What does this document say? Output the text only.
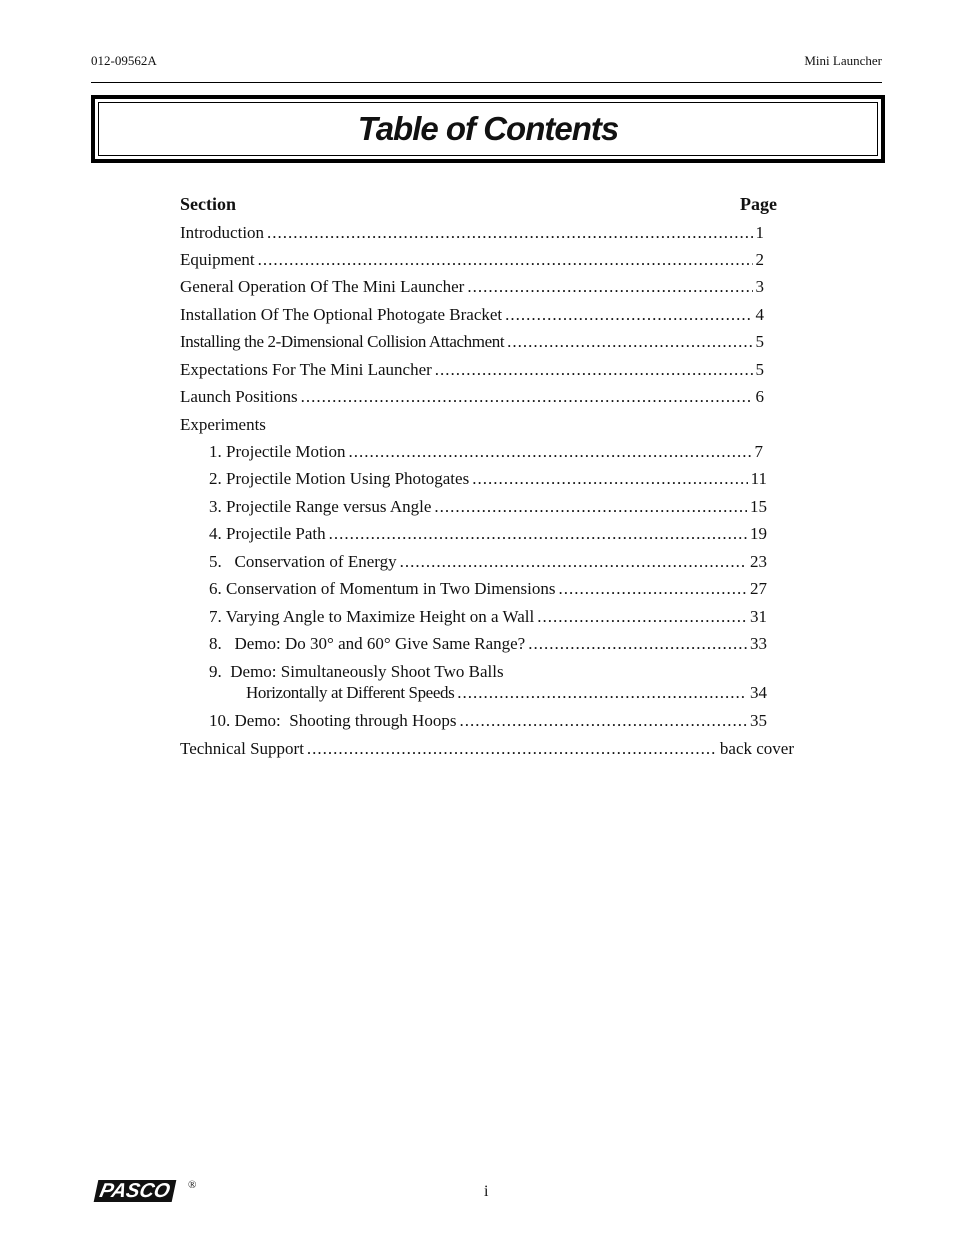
012-09562A	Mini Launcher
Table of Contents
Section	Page
Introduction .....	1
Equipment .....	2
General Operation Of The Mini Launcher .....	3
Installation Of The Optional Photogate Bracket .....	4
Installing the 2-Dimensional Collision Attachment .....	5
Expectations For The Mini Launcher .....	5
Launch Positions .....	6
Experiments
1. Projectile Motion .....	7
2. Projectile Motion Using Photogates .....	11
3. Projectile Range versus Angle .....	15
4. Projectile Path .....	19
5.   Conservation of Energy .....	23
6. Conservation of Momentum in Two Dimensions .....	27
7. Varying Angle to Maximize Height on a Wall .....	31
8.   Demo: Do 30° and 60° Give Same Range? .....	33
9.  Demo: Simultaneously Shoot Two Balls
Horizontally at Different Speeds .....	34
10. Demo:  Shooting through Hoops .....	35
Technical Support .....	back cover
PASCO	®	i
